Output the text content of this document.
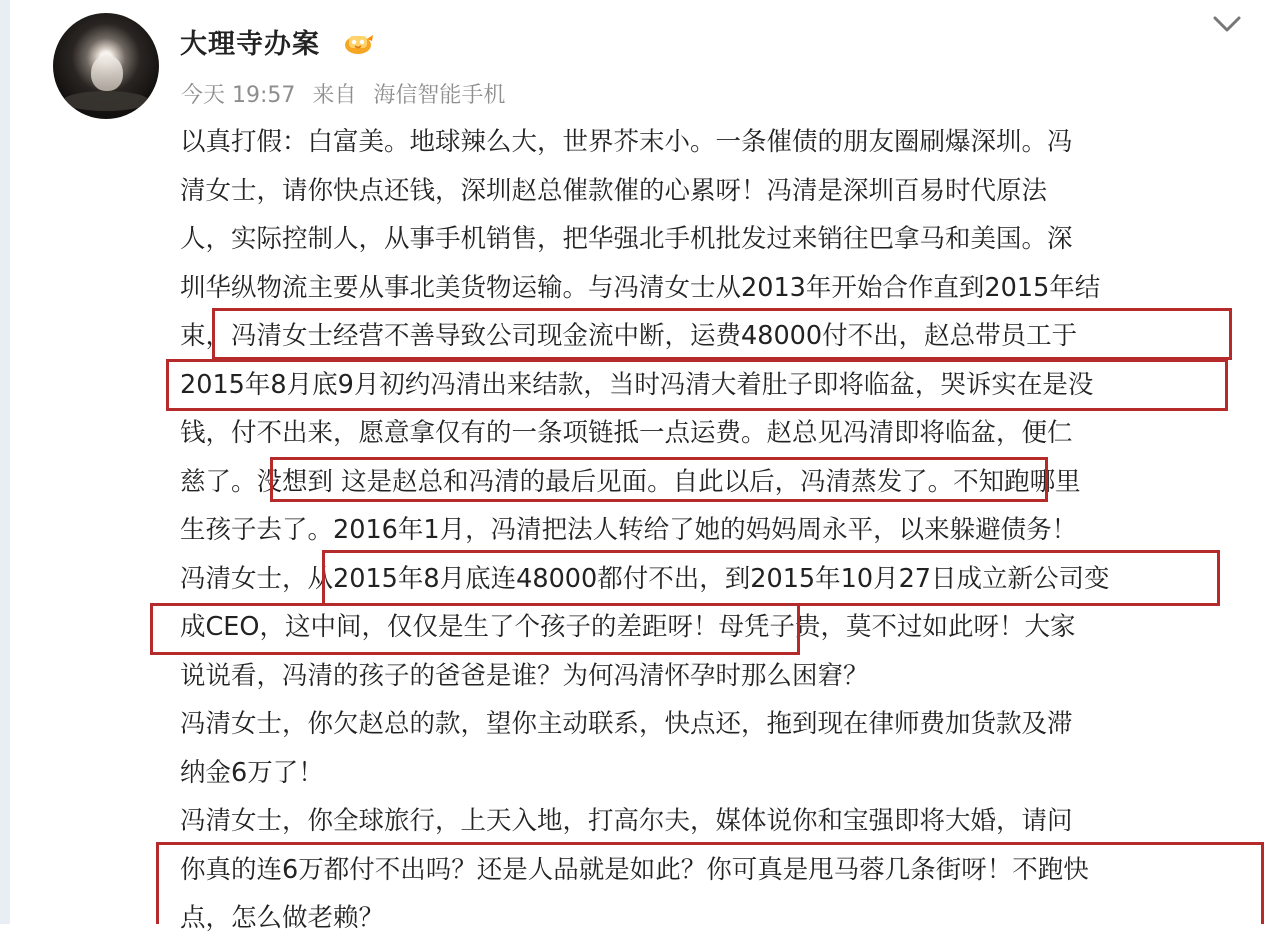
大理寺办案
今天 19:57 来自 海信智能手机
以真打假：白富美。地球辣么大，世界芥末小。一条催债的朋友圈刷爆深圳。冯
清女士，请你快点还钱，深圳赵总催款催的心累呀！冯清是深圳百易时代原法
人，实际控制人，从事手机销售，把华强北手机批发过来销往巴拿马和美国。深
圳华纵物流主要从事北美货物运输。与冯清女士从2013年开始合作直到2015年结
束，冯清女士经营不善导致公司现金流中断，运费48000付不出，赵总带员工于
2015年8月底9月初约冯清出来结款，当时冯清大着肚子即将临盆，哭诉实在是没
钱，付不出来，愿意拿仅有的一条项链抵一点运费。赵总见冯清即将临盆，便仁
慈了。没想到 这是赵总和冯清的最后见面。自此以后，冯清蒸发了。不知跑哪里
生孩子去了。2016年1月，冯清把法人转给了她的妈妈周永平，以来躲避债务！
冯清女士，从2015年8月底连48000都付不出，到2015年10月27日成立新公司变
成CEO，这中间，仅仅是生了个孩子的差距呀！母凭子贵，莫不过如此呀！大家
说说看，冯清的孩子的爸爸是谁？为何冯清怀孕时那么困窘？
冯清女士，你欠赵总的款，望你主动联系，快点还，拖到现在律师费加货款及滞
纳金6万了！
冯清女士，你全球旅行，上天入地，打高尔夫，媒体说你和宝强即将大婚，请问
你真的连6万都付不出吗？还是人品就是如此？你可真是甩马蓉几条街呀！不跑快
点，怎么做老赖？
